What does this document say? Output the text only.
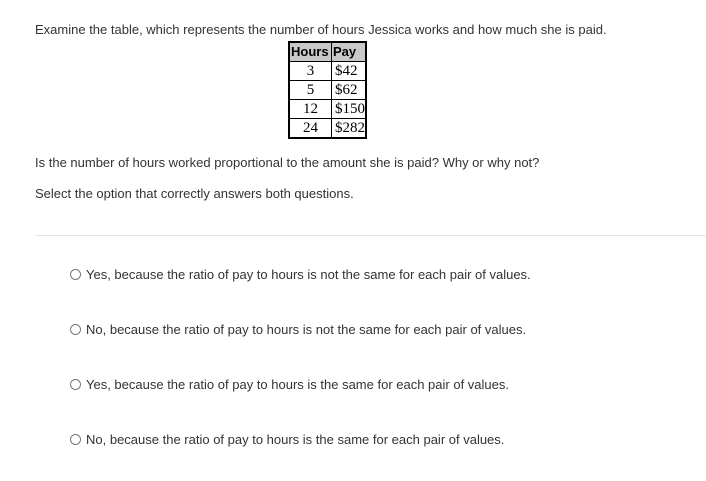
Examine the table, which represents the number of hours Jessica works and how much she is paid.
Hours	Pay
3	$42
5	$62
12	$150
24	$282
Is the number of hours worked proportional to the amount she is paid? Why or why not?
Select the option that correctly answers both questions.
Yes, because the ratio of pay to hours is not the same for each pair of values.
No, because the ratio of pay to hours is not the same for each pair of values.
Yes, because the ratio of pay to hours is the same for each pair of values.
No, because the ratio of pay to hours is the same for each pair of values.
